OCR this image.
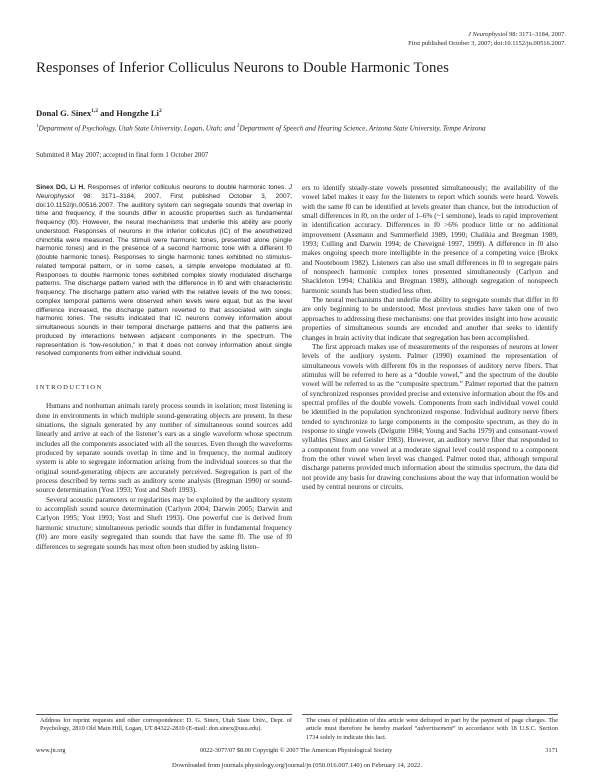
J Neurophysiol 98: 3171–3184, 2007.
First published October 3, 2007; doi:10.1152/jn.00516.2007.
Responses of Inferior Colliculus Neurons to Double Harmonic Tones
Donal G. Sinex$^{1,2}$ and Hongzhe Li$^2$
$^1$Department of Psychology, Utah State University, Logan, Utah; and $^2$Department of Speech and Hearing Science, Arizona State University, Tempe Arizona
Submitted 8 May 2007; accepted in final form 1 October 2007

Sinex DG, Li H. Responses of inferior colliculus neurons to double harmonic tones. J Neurophysiol 98: 3171–3184, 2007. First published October 3, 2007; doi:10.1152/jn.00516.2007. The auditory system can segregate sounds that overlap in time and frequency, if the sounds differ in acoustic properties such as fundamental frequency (f0). However, the neural mechanisms that underlie this ability are poorly understood. Responses of neurons in the inferior colliculus (IC) of the anesthetized chinchilla were measured. The stimuli were harmonic tones, presented alone (single harmonic tones) and in the presence of a second harmonic tone with a different f0 (double harmonic tones). Responses to single harmonic tones exhibited no stimulus-related temporal pattern, or in some cases, a simple envelope modulated at f0. Responses to double harmonic tones exhibited complex slowly modulated discharge patterns. The discharge pattern varied with the difference in f0 and with characteristic frequency. The discharge pattern also varied with the relative levels of the two tones; complex temporal patterns were observed when levels were equal, but as the level difference increased, the discharge pattern reverted to that associated with single harmonic tones. The results indicated that IC neurons convey information about simultaneous sounds in their temporal discharge patterns and that the patterns are produced by interactions between adjacent components in the spectrum. The representation is “low-resolution,” in that it does not convey information about single resolved components from either individual sound.

INTRODUCTION

Humans and nonhuman animals rarely process sounds in isolation; most listening is done in environments in which multiple sound-generating objects are present. In these situations, the signals generated by any number of simultaneous sound sources add linearly and arrive at each of the listener’s ears as a single waveform whose spectrum includes all the components associated with all the sources. Even though the waveforms produced by separate sounds overlap in time and in frequency, the normal auditory system is able to segregate information arising from the individual sources so that the original sound-generating objects are accurately perceived. Segregation is part of the process described by terms such as auditory scene analysis (Bregman 1990) or sound-source determination (Yost 1993; Yost and Sheft 1993).

Several acoustic parameters or regularities may be exploited by the auditory system to accomplish sound source determination (Carlyon 2004; Darwin 2005; Darwin and Carlyon 1995; Yost 1993; Yost and Sheft 1993). One powerful cue is derived from harmonic structure; simultaneous periodic sounds that differ in fundamental frequency (f0) are more easily segregated than sounds that have the same f0. The use of f0 differences to segregate sounds has most often been studied by asking listen-

ers to identify steady-state vowels presented simultaneously; the availability of the vowel label makes it easy for the listeners to report which sounds were heard. Vowels with the same f0 can be identified at levels greater than chance, but the introduction of small differences in f0, on the order of 1–6% (~1 semitone), leads to rapid improvement in identification accuracy. Differences in f0 >6% produce little or no additional improvement (Assmann and Summerfield 1989, 1990; Chalikia and Bregman 1989, 1993; Culling and Darwin 1994; de Cheveigné 1997, 1999). A difference in f0 also makes ongoing speech more intelligible in the presence of a competing voice (Brokx and Nooteboom 1982). Listeners can also use small differences in f0 to segregate pairs of nonspeech harmonic complex tones presented simultaneously (Carlyon and Shackleton 1994; Chalikia and Bregman 1989), although segregation of nonspeech harmonic sounds has been studied less often.

The neural mechanisms that underlie the ability to segregate sounds that differ in f0 are only beginning to be understood. Most previous studies have taken one of two approaches to addressing these mechanisms: one that provides insight into how acoustic properties of simultaneous sounds are encoded and another that seeks to identify changes in brain activity that indicate that segregation has been accomplished.

The first approach makes use of measurements of the responses of neurons at lower levels of the auditory system. Palmer (1990) examined the representation of simultaneous vowels with different f0s in the responses of auditory nerve fibers. That stimulus will be referred to here as a “double vowel,” and the spectrum of the double vowel will be referred to as the “composite spectrum.” Palmer reported that the pattern of synchronized responses provided precise and extensive information about the f0s and spectral profiles of the double vowels. Components from each individual vowel could be identified in the population synchronized response. Individual auditory nerve fibers tended to synchronize to large components in the composite spectrum, as they do in response to single vowels (Delgutte 1984; Young and Sachs 1979) and consonant-vowel syllables (Sinex and Geisler 1983). However, an auditory nerve fiber that responded to a component from one vowel at a moderate signal level could respond to a component from the other vowel when level was changed. Palmer noted that, although temporal discharge patterns provided much information about the stimulus spectrum, the data did not provide any basis for drawing conclusions about the way that information would be used by central neurons or circuits.

Address for reprint requests and other correspondence: D. G. Sinex, Utah State Univ., Dept. of Psychology, 2810 Old Main Hill, Logan, UT 84322-2810 (E-mail: don.sinex@usu.edu).
The costs of publication of this article were defrayed in part by the payment of page charges. The article must therefore be hereby marked “advertisement” in accordance with 18 U.S.C. Section 1734 solely to indicate this fact.
www.jn.org	0022-3077/07 $8.00 Copyright © 2007 The American Physiological Society	3171
Downloaded from journals.physiology.org/journal/jn (050.016.007.140) on February 14, 2022.
